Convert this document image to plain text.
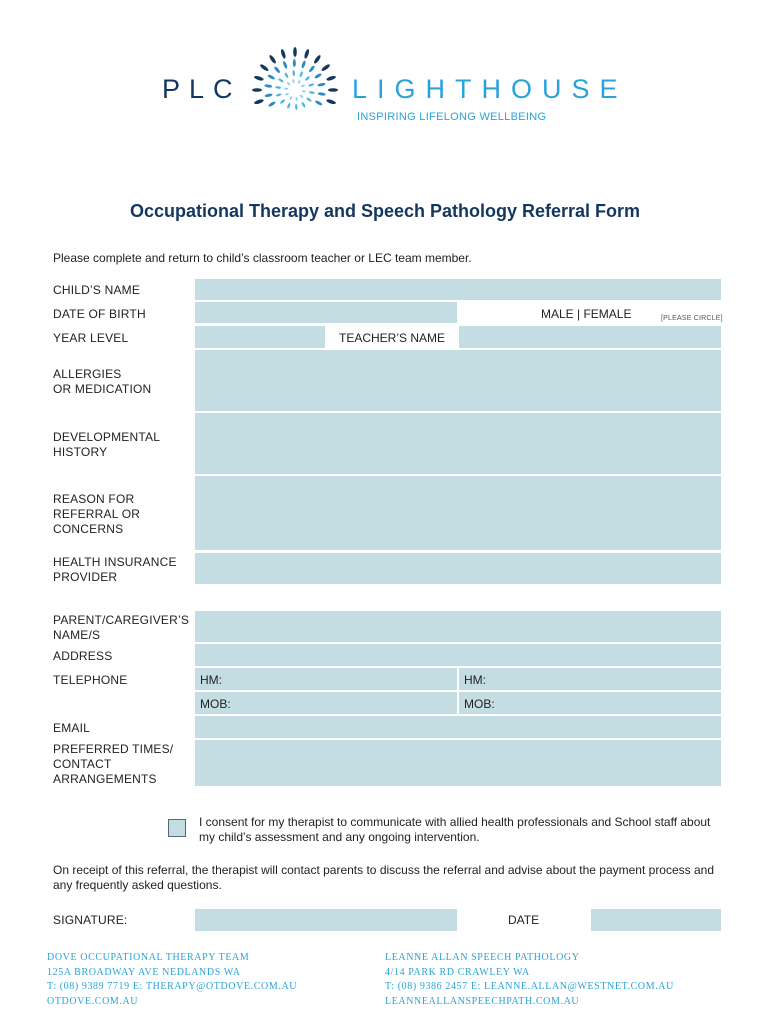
PLC	LIGHTHOUSE
INSPIRING LIFELONG WELLBEING
Occupational Therapy and Speech Pathology Referral Form
Please complete and return to child’s classroom teacher or LEC team member.
CHILD’S NAME
DATE OF BIRTH	MALE | FEMALE	[PLEASE CIRCLE]
YEAR LEVEL	TEACHER’S NAME
ALLERGIES
OR MEDICATION
DEVELOPMENTAL
HISTORY
REASON FOR
REFERRAL OR
CONCERNS
HEALTH INSURANCE
PROVIDER
PARENT/CAREGIVER’S
NAME/S
ADDRESS
TELEPHONE	HM:	HM:
MOB:	MOB:
EMAIL
PREFERRED TIMES/
CONTACT
ARRANGEMENTS
I consent for my therapist to communicate with allied health professionals and School staff about my child’s assessment and any ongoing intervention.
On receipt of this referral, the therapist will contact parents to discuss the referral and advise about the payment process and any frequently asked questions.
SIGNATURE:	DATE
DOVE OCCUPATIONAL THERAPY TEAM
125A BROADWAY AVE NEDLANDS WA
T: (08) 9389 7719 E: THERAPY@OTDOVE.COM.AU
OTDOVE.COM.AU
LEANNE ALLAN SPEECH PATHOLOGY
4/14 PARK RD CRAWLEY WA
T: (08) 9386 2457 E: LEANNE.ALLAN@WESTNET.COM.AU
LEANNEALLANSPEECHPATH.COM.AU
